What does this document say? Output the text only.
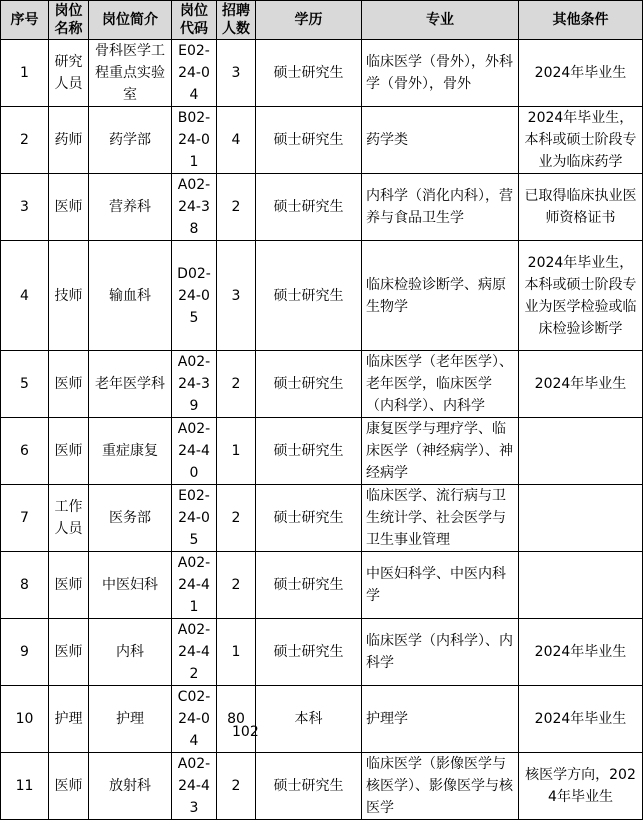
序号	岗位名称	岗位简介	岗位代码	招聘人数	学历	专业	其他条件
1	研究人员	骨科医学工程重点实验室	E02-24-04	3	硕士研究生	临床医学（骨外），外科学（骨外），骨外	2024年毕业生
2	药师	药学部	B02-24-01	4	硕士研究生	药学类	2024年毕业生，本科或硕士阶段专业为临床药学
3	医师	营养科	A02-24-38	2	硕士研究生	内科学（消化内科），营养与食品卫生学	已取得临床执业医师资格证书
4	技师	输血科	D02-24-05	3	硕士研究生	临床检验诊断学、病原生物学	2024年毕业生，本科或硕士阶段专业为医学检验或临床检验诊断学
5	医师	老年医学科	A02-24-39	2	硕士研究生	临床医学（老年医学）、老年医学，临床医学（内科学）、内科学	2024年毕业生
6	医师	重症康复	A02-24-40	1	硕士研究生	康复医学与理疗学、临床医学（神经病学）、神经病学	
7	工作人员	医务部	E02-24-05	2	硕士研究生	临床医学、流行病与卫生统计学、社会医学与卫生事业管理	
8	医师	中医妇科	A02-24-41	2	硕士研究生	中医妇科学、中医内科学	
9	医师	内科	A02-24-42	1	硕士研究生	临床医学（内科学）、内科学	2024年毕业生
10	护理	护理	C02-24-04	80	本科	护理学	2024年毕业生
11	医师	放射科	A02-24-43	2	硕士研究生	临床医学（影像医学与核医学）、影像医学与核医学	核医学方向，2024年毕业生
102
